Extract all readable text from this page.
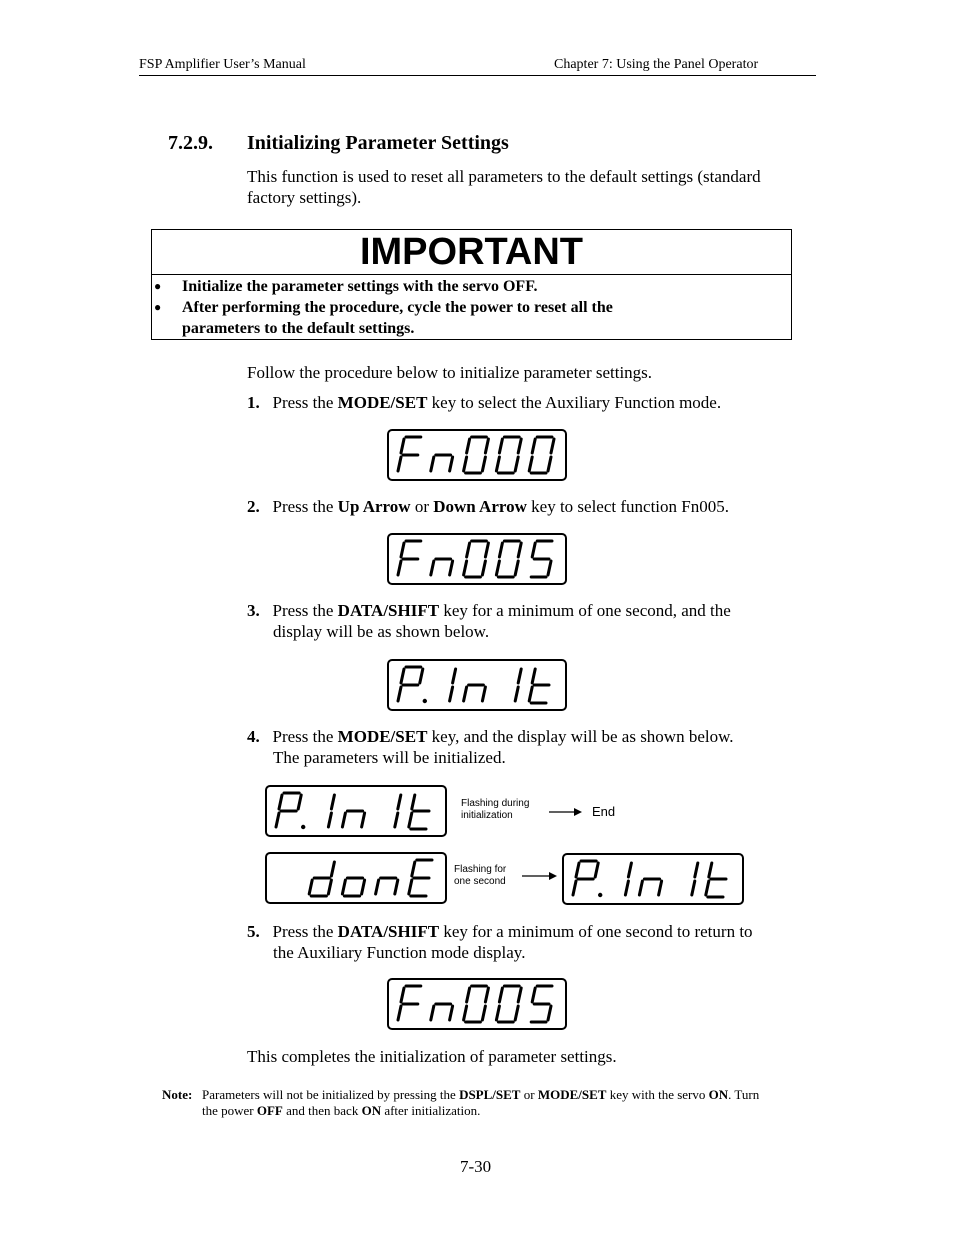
FSP Amplifier User’s Manual	Chapter 7: Using the Panel Operator
7.2.9. Initializing Parameter Settings
This function is used to reset all parameters to the default settings (standard
factory settings).
IMPORTANT
● Initialize the parameter settings with the servo OFF.
● After performing the procedure, cycle the power to reset all the
parameters to the default settings.
Follow the procedure below to initialize parameter settings.
1. Press the MODE/SET key to select the Auxiliary Function mode.
2. Press the Up Arrow or Down Arrow key to select function Fn005.
3. Press the DATA/SHIFT key for a minimum of one second, and the
display will be as shown below.
4. Press the MODE/SET key, and the display will be as shown below.
The parameters will be initialized.
Flashing during
initialization	End
Flashing for
one second
5. Press the DATA/SHIFT key for a minimum of one second to return to
the Auxiliary Function mode display.
This completes the initialization of parameter settings.
Note: Parameters will not be initialized by pressing the DSPL/SET or MODE/SET key with the servo ON. Turn
the power OFF and then back ON after initialization.
7-30
